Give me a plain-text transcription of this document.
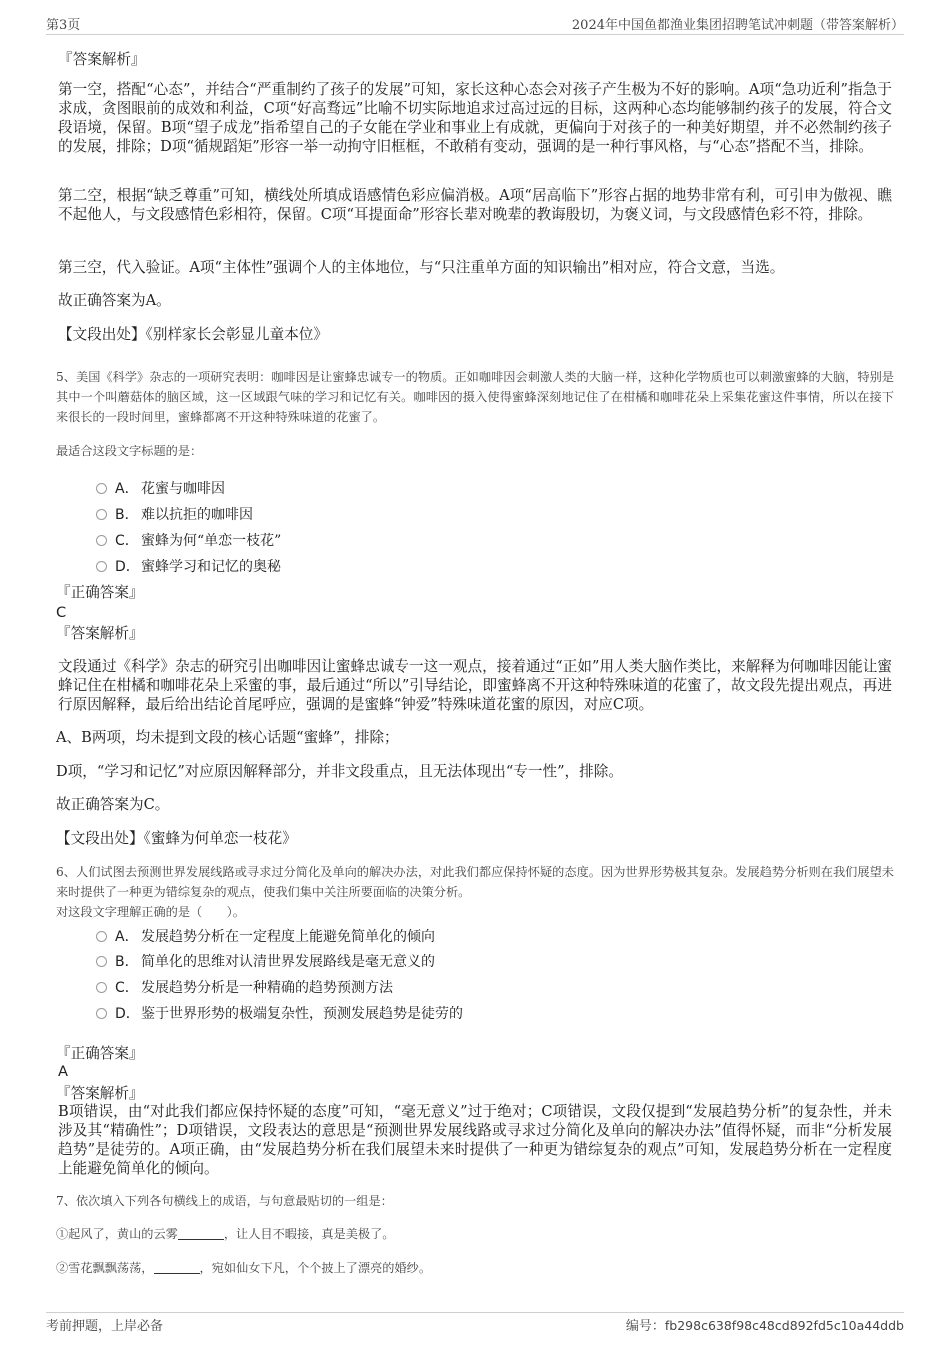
第3页	2024年中国鱼都渔业集团招聘笔试冲刺题（带答案解析）
『答案解析』
第一空，搭配“心态”，并结合“严重制约了孩子的发展”可知，家长这种心态会对孩子产生极为不好的影响。A项“急功近利”指急于求成，贪图眼前的成效和利益，C项“好高骛远”比喻不切实际地追求过高过远的目标，这两种心态均能够制约孩子的发展，符合文段语境，保留。B项“望子成龙”指希望自己的子女能在学业和事业上有成就，更偏向于对孩子的一种美好期望，并不必然制约孩子的发展，排除；D项“循规蹈矩”形容一举一动拘守旧框框，不敢稍有变动，强调的是一种行事风格，与“心态”搭配不当，排除。
第二空，根据“缺乏尊重”可知，横线处所填成语感情色彩应偏消极。A项“居高临下”形容占据的地势非常有利，可引申为傲视、瞧不起他人，与文段感情色彩相符，保留。C项“耳提面命”形容长辈对晚辈的教诲殷切，为褒义词，与文段感情色彩不符，排除。
第三空，代入验证。A项“主体性”强调个人的主体地位，与“只注重单方面的知识输出”相对应，符合文意，当选。
故正确答案为A。
【文段出处】《别样家长会彰显儿童本位》
5、美国《科学》杂志的一项研究表明：咖啡因是让蜜蜂忠诚专一的物质。正如咖啡因会刺激人类的大脑一样，这种化学物质也可以刺激蜜蜂的大脑，特别是其中一个叫蘑菇体的脑区域，这一区域跟气味的学习和记忆有关。咖啡因的摄入使得蜜蜂深刻地记住了在柑橘和咖啡花朵上采集花蜜这件事情，所以在接下来很长的一段时间里，蜜蜂都离不开这种特殊味道的花蜜了。
最适合这段文字标题的是：
A． 花蜜与咖啡因
B． 难以抗拒的咖啡因
C． 蜜蜂为何“单恋一枝花”
D．蜜蜂学习和记忆的奥秘
『正确答案』
C
『答案解析』
文段通过《科学》杂志的研究引出咖啡因让蜜蜂忠诚专一这一观点，接着通过“正如”用人类大脑作类比，来解释为何咖啡因能让蜜蜂记住在柑橘和咖啡花朵上采蜜的事，最后通过“所以”引导结论，即蜜蜂离不开这种特殊味道的花蜜了，故文段先提出观点，再进行原因解释，最后给出结论首尾呼应，强调的是蜜蜂“钟爱”特殊味道花蜜的原因，对应C项。
A、B两项，均未提到文段的核心话题“蜜蜂”，排除；
D项，“学习和记忆”对应原因解释部分，并非文段重点，且无法体现出“专一性”，排除。
故正确答案为C。
【文段出处】《蜜蜂为何单恋一枝花》
6、人们试图去预测世界发展线路或寻求过分简化及单向的解决办法，对此我们都应保持怀疑的态度。因为世界形势极其复杂。发展趋势分析则在我们展望未来时提供了一种更为错综复杂的观点，使我们集中关注所要面临的决策分析。
对这段文字理解正确的是（　　）。
A． 发展趋势分析在一定程度上能避免简单化的倾向
B． 简单化的思维对认清世界发展路线是毫无意义的
C． 发展趋势分析是一种精确的趋势预测方法
D．鉴于世界形势的极端复杂性，预测发展趋势是徒劳的
『正确答案』
A
『答案解析』
B项错误，由“对此我们都应保持怀疑的态度”可知，“毫无意义”过于绝对；C项错误，文段仅提到“发展趋势分析”的复杂性，并未涉及其“精确性”；D项错误，文段表达的意思是“预测世界发展线路或寻求过分简化及单向的解决办法”值得怀疑，而非“分析发展趋势”是徒劳的。A项正确，由“发展趋势分析在我们展望未来时提供了一种更为错综复杂的观点”可知，发展趋势分析在一定程度上能避免简单化的倾向。
7、依次填入下列各句横线上的成语，与句意最贴切的一组是：
①起风了，黄山的云雾	，让人目不暇接，真是美极了。
②雪花飘飘荡荡，	，宛如仙女下凡，个个披上了漂亮的婚纱。
考前押题，上岸必备	编号：fb298c638f98c48cd892fd5c10a44ddb
